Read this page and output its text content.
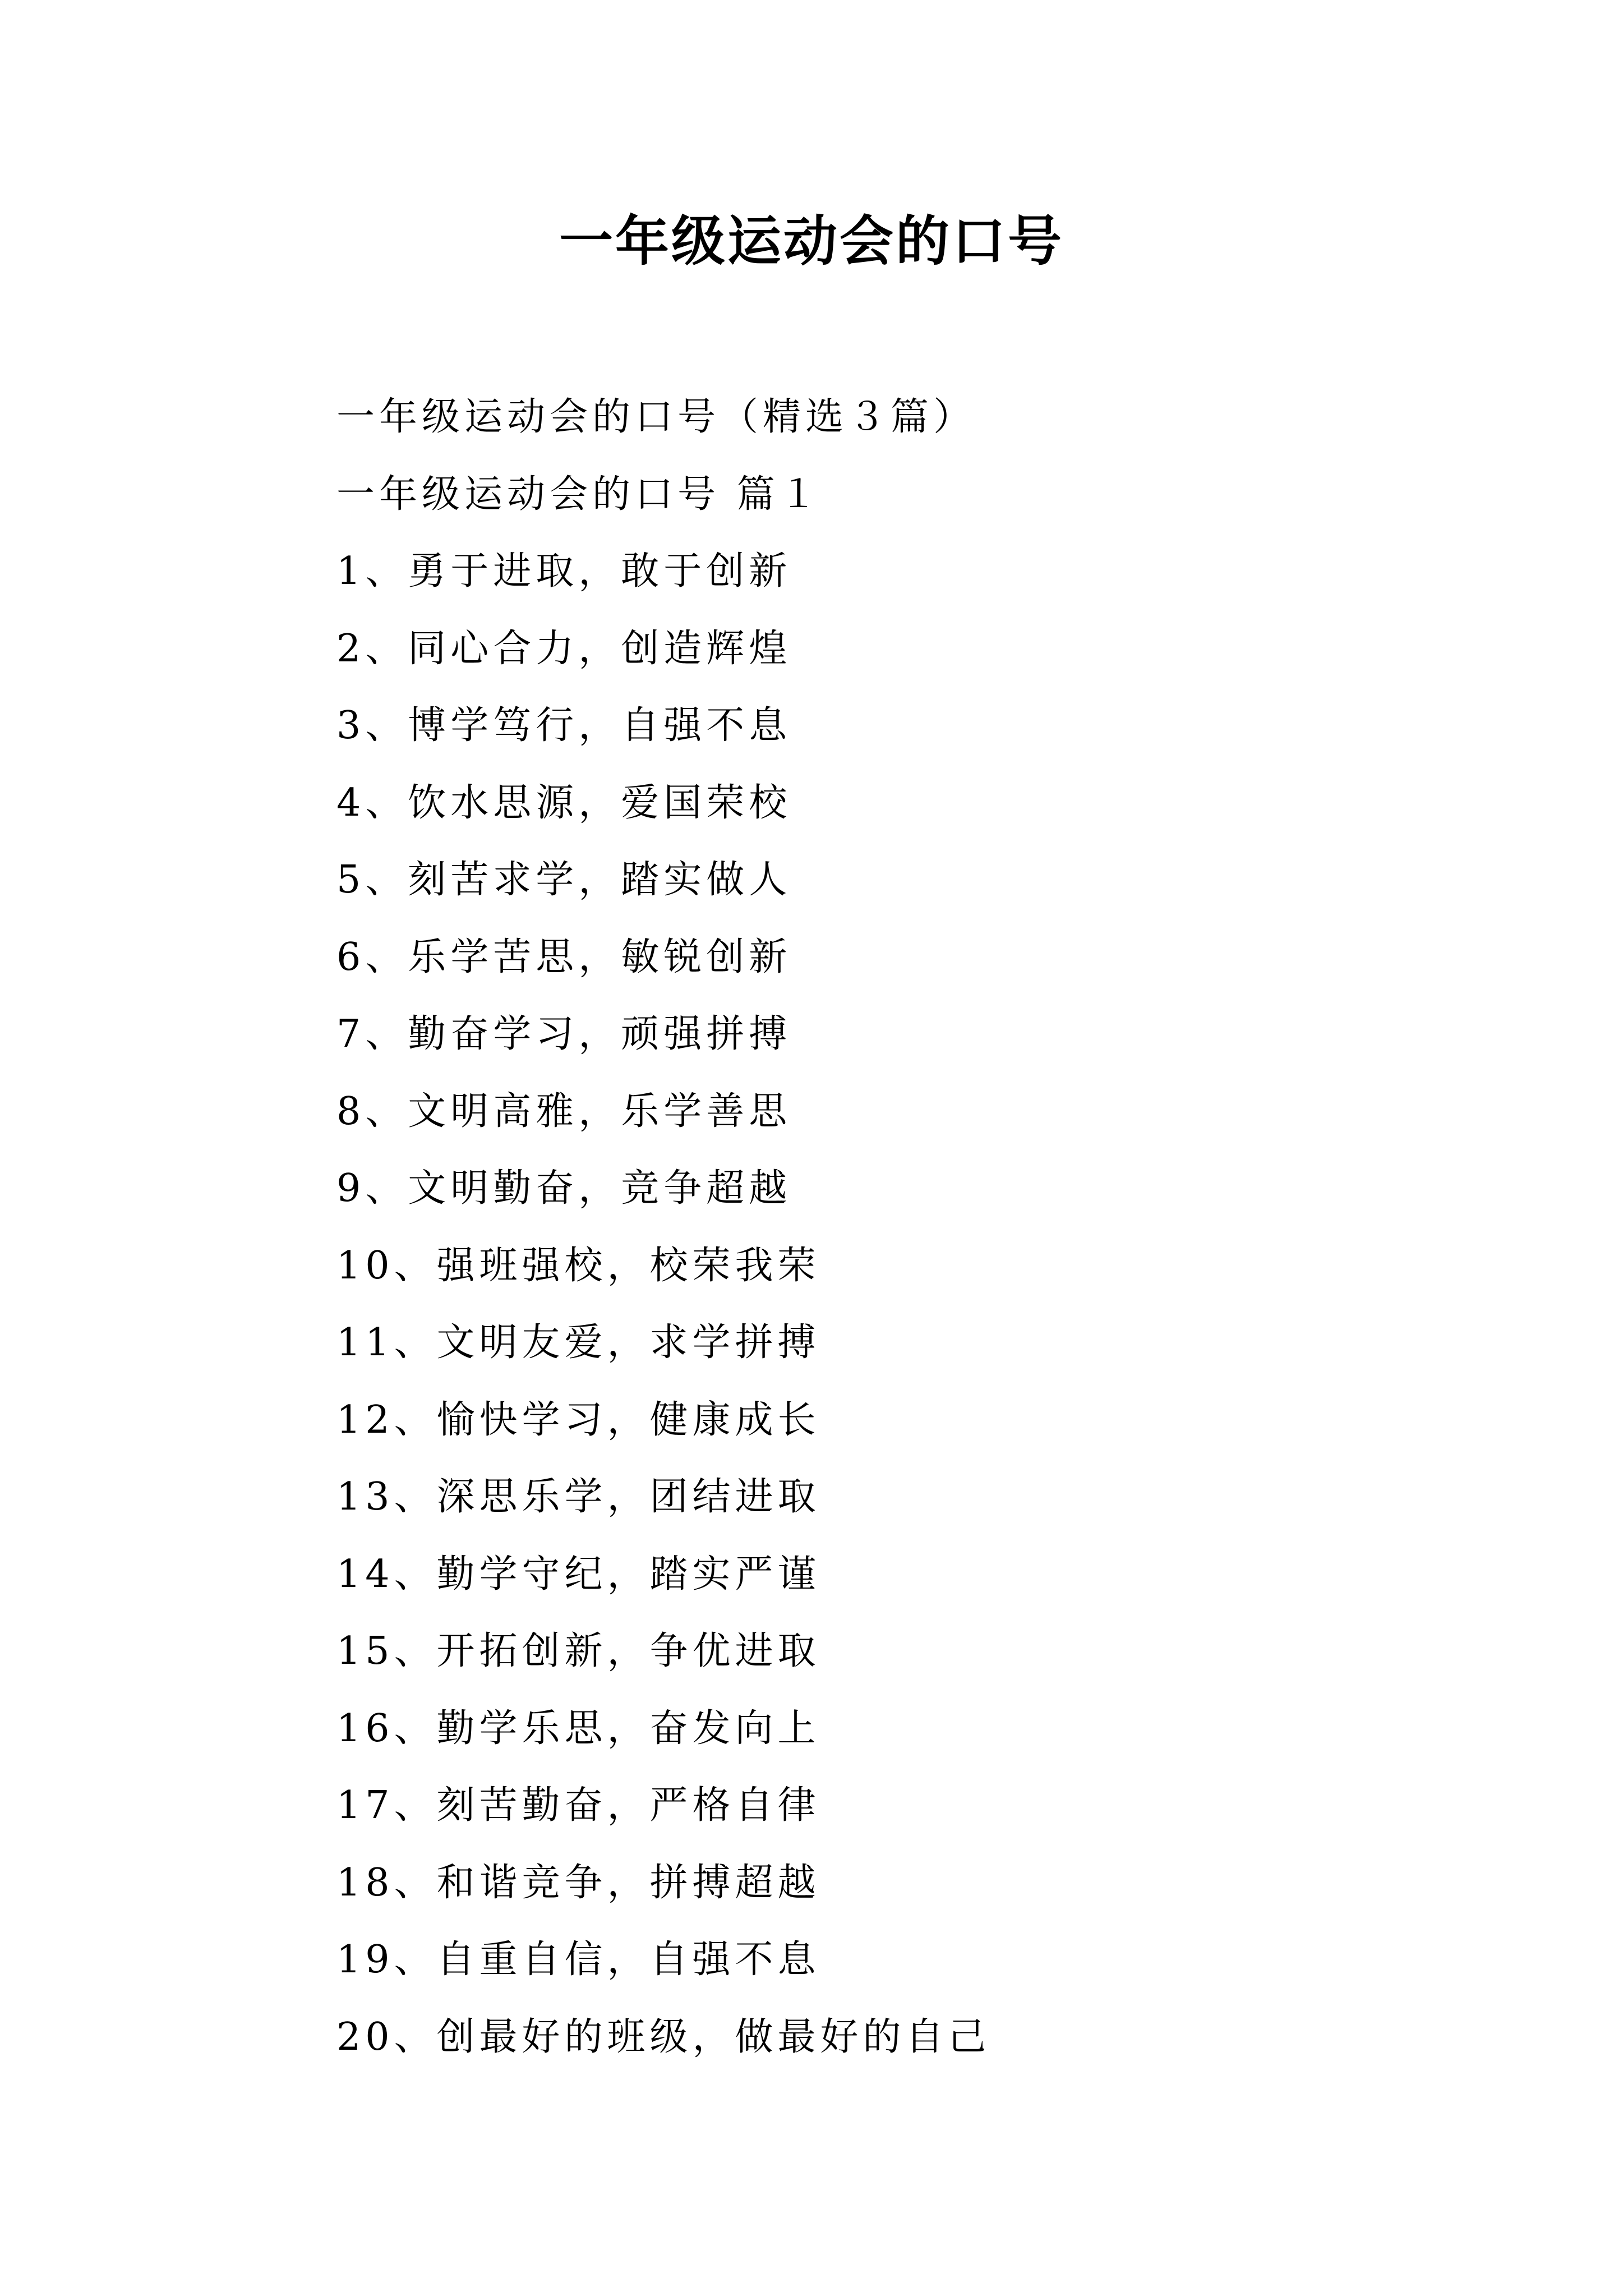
一年级运动会的口号
一年级运动会的口号（精选３篇）
一年级运动会的口号 篇１
1、勇于进取，敢于创新
2、同心合力，创造辉煌
3、博学笃行，自强不息
4、饮水思源，爱国荣校
5、刻苦求学，踏实做人
6、乐学苦思，敏锐创新
7、勤奋学习，顽强拼搏
8、文明高雅，乐学善思
9、文明勤奋，竞争超越
10、强班强校，校荣我荣
11、文明友爱，求学拼搏
12、愉快学习，健康成长
13、深思乐学，团结进取
14、勤学守纪，踏实严谨
15、开拓创新，争优进取
16、勤学乐思，奋发向上
17、刻苦勤奋，严格自律
18、和谐竞争，拼搏超越
19、自重自信，自强不息
20、创最好的班级，做最好的自己
